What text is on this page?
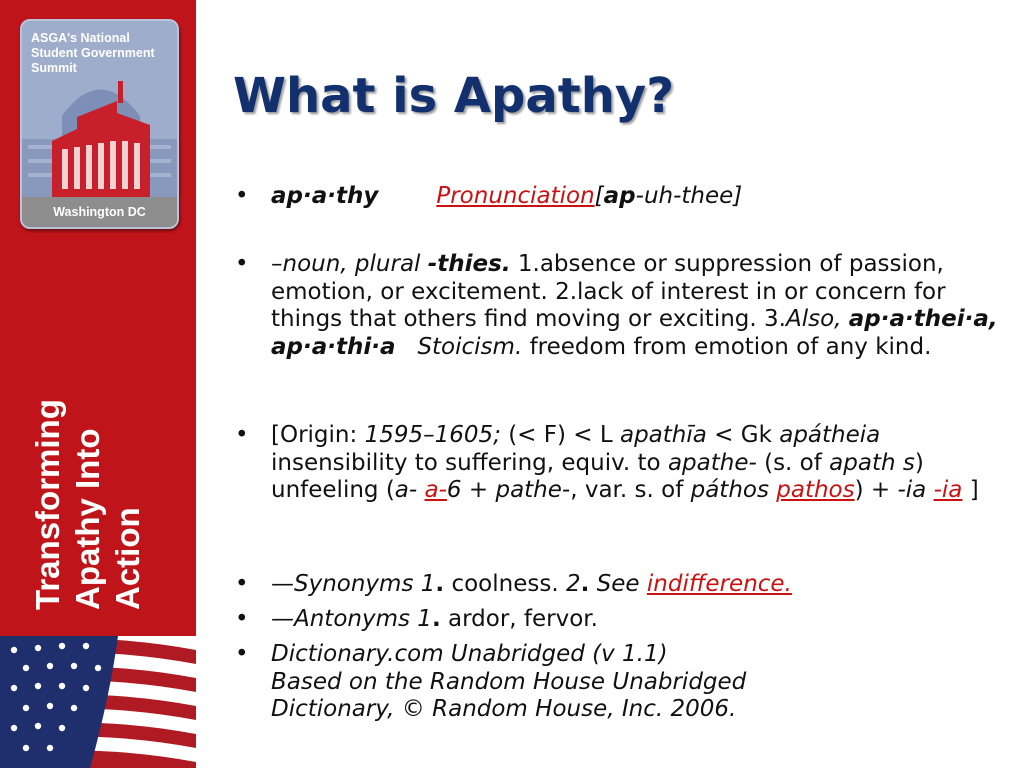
ASGA's National Student Government Summit
Washington DC
Transforming Apathy Into Action
What is Apathy?
• ap·a·thy	Pronunciation[ap-uh-thee]
• –noun, plural -thies. 1.absence or suppression of passion, emotion, or excitement. 2.lack of interest in or concern for things that others find moving or exciting. 3.Also, ap·a·thei·a, ap·a·thi·a Stoicism. freedom from emotion of any kind.
• [Origin: 1595–1605; (< F) < L apathīa < Gk apátheia insensibility to suffering, equiv. to apathe- (s. of apath s) unfeeling (a- a-6 + pathe-, var. s. of páthos pathos) + -ia -ia ]
• —Synonyms 1. coolness. 2. See indifference.
• —Antonyms 1. ardor, fervor.
• Dictionary.com Unabridged (v 1.1)
Based on the Random House Unabridged
Dictionary, © Random House, Inc. 2006.
